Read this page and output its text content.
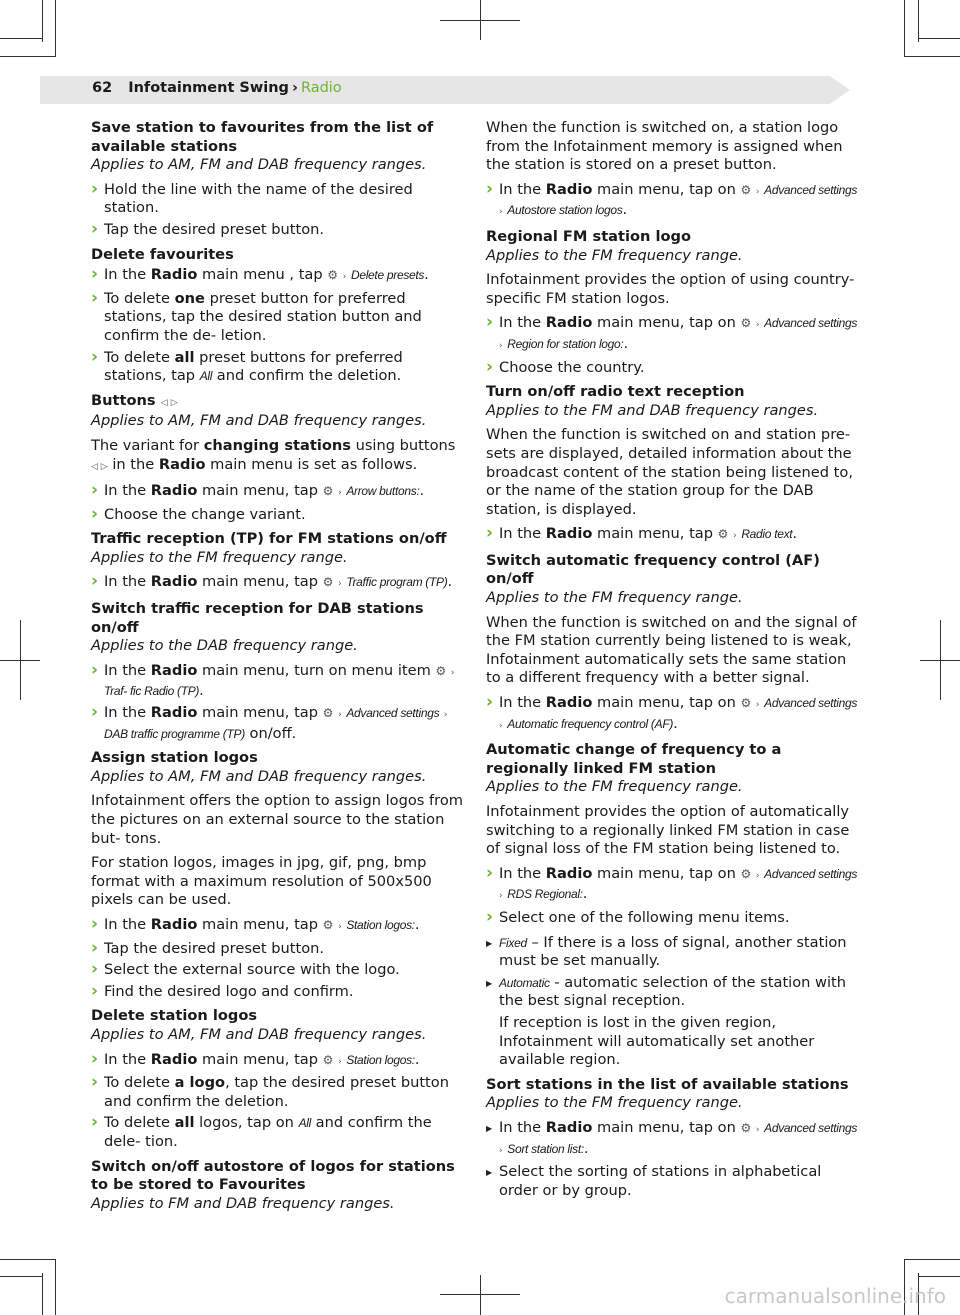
62 Infotainment Swing › Radio
Save station to favourites from the list of available stations
Applies to AM, FM and DAB frequency ranges.
› Hold the line with the name of the desired station.
› Tap the desired preset button.
Delete favourites
› In the Radio main menu , tap ⚙ › Delete presets.
› To delete one preset button for preferred stations, tap the desired station button and confirm the de- letion.
› To delete all preset buttons for preferred stations, tap All and confirm the deletion.
Buttons ◁ ▷
Applies to AM, FM and DAB frequency ranges.

The variant for changing stations using buttons ◁ ▷ in the Radio main menu is set as follows.

› In the Radio main menu, tap ⚙ › Arrow buttons:.
› Choose the change variant.
Traffic reception (TP) for FM stations on/off
Applies to the FM frequency range.
› In the Radio main menu, tap ⚙ › Traffic program (TP).
Switch traffic reception for DAB stations on/off
Applies to the DAB frequency range.
› In the Radio main menu, turn on menu item ⚙ › Traf- fic Radio (TP).
› In the Radio main menu, tap ⚙ › Advanced settings › DAB traffic programme (TP) on/off.
Assign station logos
Applies to AM, FM and DAB frequency ranges.

Infotainment offers the option to assign logos from the pictures on an external source to the station but- tons.

For station logos, images in jpg, gif, png, bmp format with a maximum resolution of 500x500 pixels can be used.

› In the Radio main menu, tap ⚙ › Station logos:.
› Tap the desired preset button.
› Select the external source with the logo.
› Find the desired logo and confirm.
Delete station logos
Applies to AM, FM and DAB frequency ranges.
› In the Radio main menu, tap ⚙ › Station logos:.
› To delete a logo, tap the desired preset button and confirm the deletion.
› To delete all logos, tap on All and confirm the dele- tion.
Switch on/off autostore of logos for stations to be stored to Favourites
Applies to FM and DAB frequency ranges.

When the function is switched on, a station logo from the Infotainment memory is assigned when the station is stored on a preset button.

› In the Radio main menu, tap on ⚙ › Advanced settings › Autostore station logos.
Regional FM station logo
Applies to the FM frequency range.

Infotainment provides the option of using country- specific FM station logos.

› In the Radio main menu, tap on ⚙ › Advanced settings › Region for station logo:.
› Choose the country.
Turn on/off radio text reception
Applies to the FM and DAB frequency ranges.

When the function is switched on and station pre- sets are displayed, detailed information about the broadcast content of the station being listened to, or the name of the station group for the DAB station, is displayed.

› In the Radio main menu, tap ⚙ › Radio text.
Switch automatic frequency control (AF) on/off
Applies to the FM frequency range.

When the function is switched on and the signal of the FM station currently being listened to is weak, Infotainment automatically sets the same station to a different frequency with a better signal.

› In the Radio main menu, tap on ⚙ › Advanced settings › Automatic frequency control (AF).
Automatic change of frequency to a regionally linked FM station
Applies to the FM frequency range.

Infotainment provides the option of automatically switching to a regionally linked FM station in case of signal loss of the FM station being listened to.

› In the Radio main menu, tap on ⚙ › Advanced settings › RDS Regional:.
› Select one of the following menu items.
▶ Fixed – If there is a loss of signal, another station must be set manually.
▶ Automatic - automatic selection of the station with the best signal reception.

If reception is lost in the given region, Infotainment will automatically set another available region.

Sort stations in the list of available stations
Applies to the FM frequency range.
▶ In the Radio main menu, tap on ⚙ › Advanced settings › Sort station list:.
▶ Select the sorting of stations in alphabetical order or by group.
carmanualsonline.info
